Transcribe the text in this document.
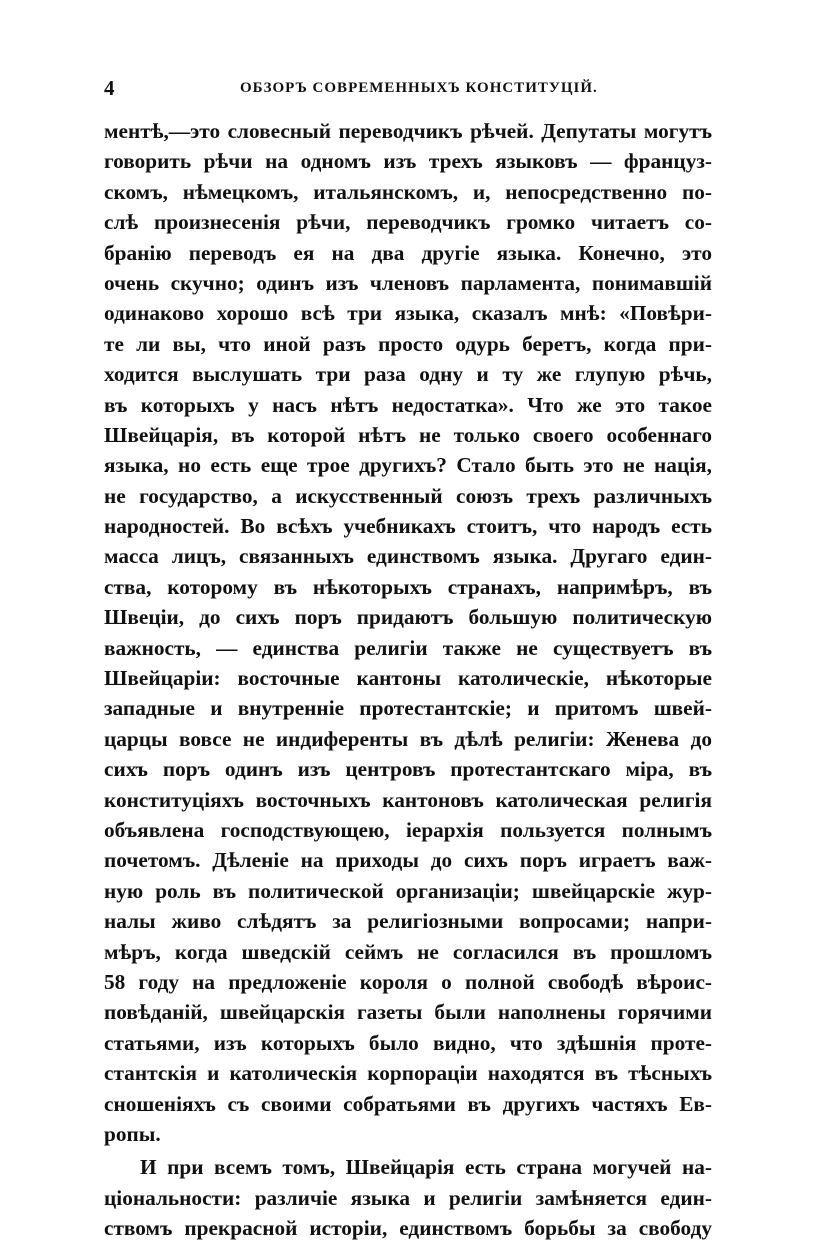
4	ОБЗОРЪ СОВРЕМЕННЫХЪ КОНСТИТУЦІЙ.
ментѣ,—это словесный переводчикъ рѣчей. Депутаты могутъ
говорить рѣчи на одномъ изъ трехъ языковъ — француз-
скомъ, нѣмецкомъ, итальянскомъ, и, непосредственно по-
слѣ произнесенія рѣчи, переводчикъ громко читаетъ со-
бранію переводъ ея на два другіе языка. Конечно, это
очень скучно; одинъ изъ членовъ парламента, понимавшій
одинаково хорошо всѣ три языка, сказалъ мнѣ: «Повѣри-
те ли вы, что иной разъ просто одурь беретъ, когда при-
ходится выслушать три раза одну и ту же глупую рѣчь,
въ которыхъ у насъ нѣтъ недостатка». Что же это такое
Швейцарія, въ которой нѣтъ не только своего особеннаго
языка, но есть еще трое другихъ? Стало быть это не нація,
не государство, а искусственный союзъ трехъ различныхъ
народностей. Во всѣхъ учебникахъ стоитъ, что народъ есть
масса лицъ, связанныхъ единствомъ языка. Другаго един-
ства, которому въ нѣкоторыхъ странахъ, напримѣръ, въ
Швеціи, до сихъ поръ придаютъ большую политическую
важность, — единства религіи также не существуетъ въ
Швейцаріи: восточные кантоны католическіе, нѣкоторые
западные и внутренніе протестантскіе; и притомъ швей-
царцы вовсе не индиференты въ дѣлѣ религіи: Женева до
сихъ поръ одинъ изъ центровъ протестантскаго міра, въ
конституціяхъ восточныхъ кантоновъ католическая религія
объявлена господствующею, іерархія пользуется полнымъ
почетомъ. Дѣленіе на приходы до сихъ поръ играетъ важ-
ную роль въ политической организаціи; швейцарскіе жур-
налы живо слѣдятъ за религіозными вопросами; напри-
мѣръ, когда шведскій сеймъ не согласился въ прошломъ
58 году на предложеніе короля о полной свободѣ вѣроис-
повѣданій, швейцарскія газеты были наполнены горячими
статьями, изъ которыхъ было видно, что здѣшнія проте-
стантскія и католическія корпораціи находятся въ тѣсныхъ
сношеніяхъ съ своими собратьями въ другихъ частяхъ Ев-
ропы.
И при всемъ томъ, Швейцарія есть страна могучей на-
ціональности: различіе языка и религіи замѣняется един-
ствомъ прекрасной исторіи, единствомъ борьбы за свободу
